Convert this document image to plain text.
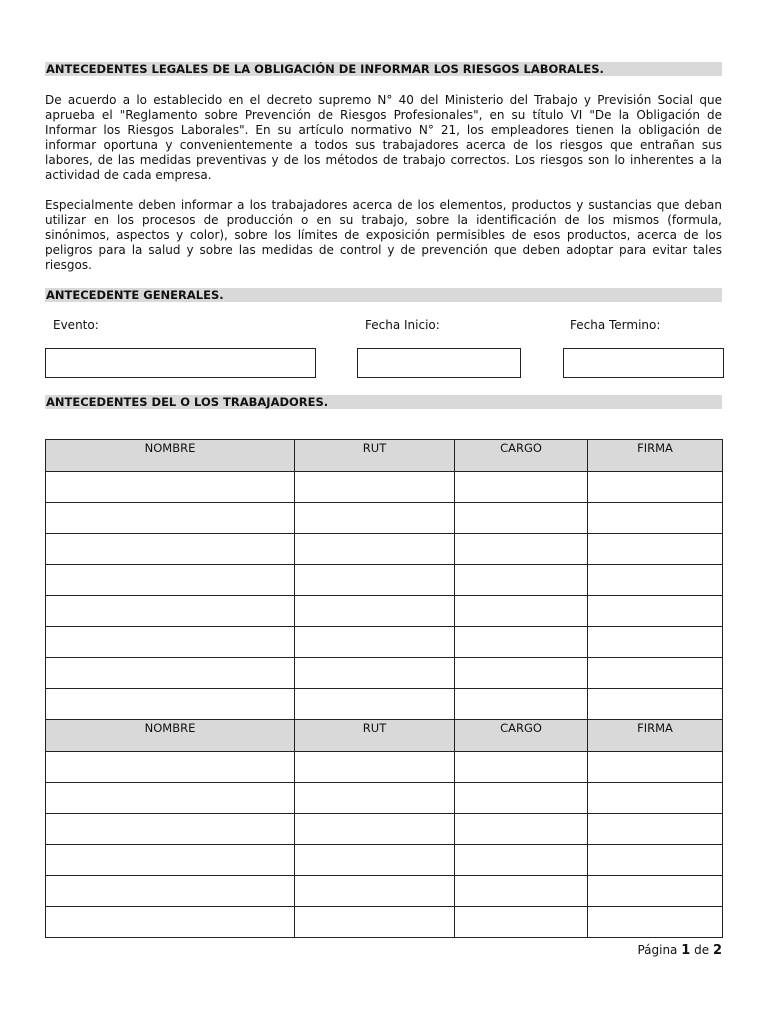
ANTECEDENTES LEGALES DE LA OBLIGACIÓN DE INFORMAR LOS RIESGOS LABORALES.

De acuerdo a lo establecido en el decreto supremo N° 40 del Ministerio del Trabajo y Previsión Social que aprueba el "Reglamento sobre Prevención de Riesgos Profesionales", en su título VI "De la Obligación de Informar los Riesgos Laborales". En su artículo normativo N° 21, los empleadores tienen la obligación de informar oportuna y convenientemente a todos sus trabajadores acerca de los riesgos que entrañan sus labores, de las medidas preventivas y de los métodos de trabajo correctos. Los riesgos son lo inherentes a la actividad de cada empresa.

Especialmente deben informar a los trabajadores acerca de los elementos, productos y sustancias que deban utilizar en los procesos de producción o en su trabajo, sobre la identificación de los mismos (formula, sinónimos, aspectos y color), sobre los límites de exposición permisibles de esos productos, acerca de los peligros para la salud y sobre las medidas de control y de prevención que deben adoptar para evitar tales riesgos.

ANTECEDENTE GENERALES.
Evento:	Fecha Inicio:	Fecha Termino:
ANTECEDENTES DEL O LOS TRABAJADORES.
NOMBRE	RUT	CARGO	FIRMA

NOMBRE	RUT	CARGO	FIRMA

Página 1 de 2
